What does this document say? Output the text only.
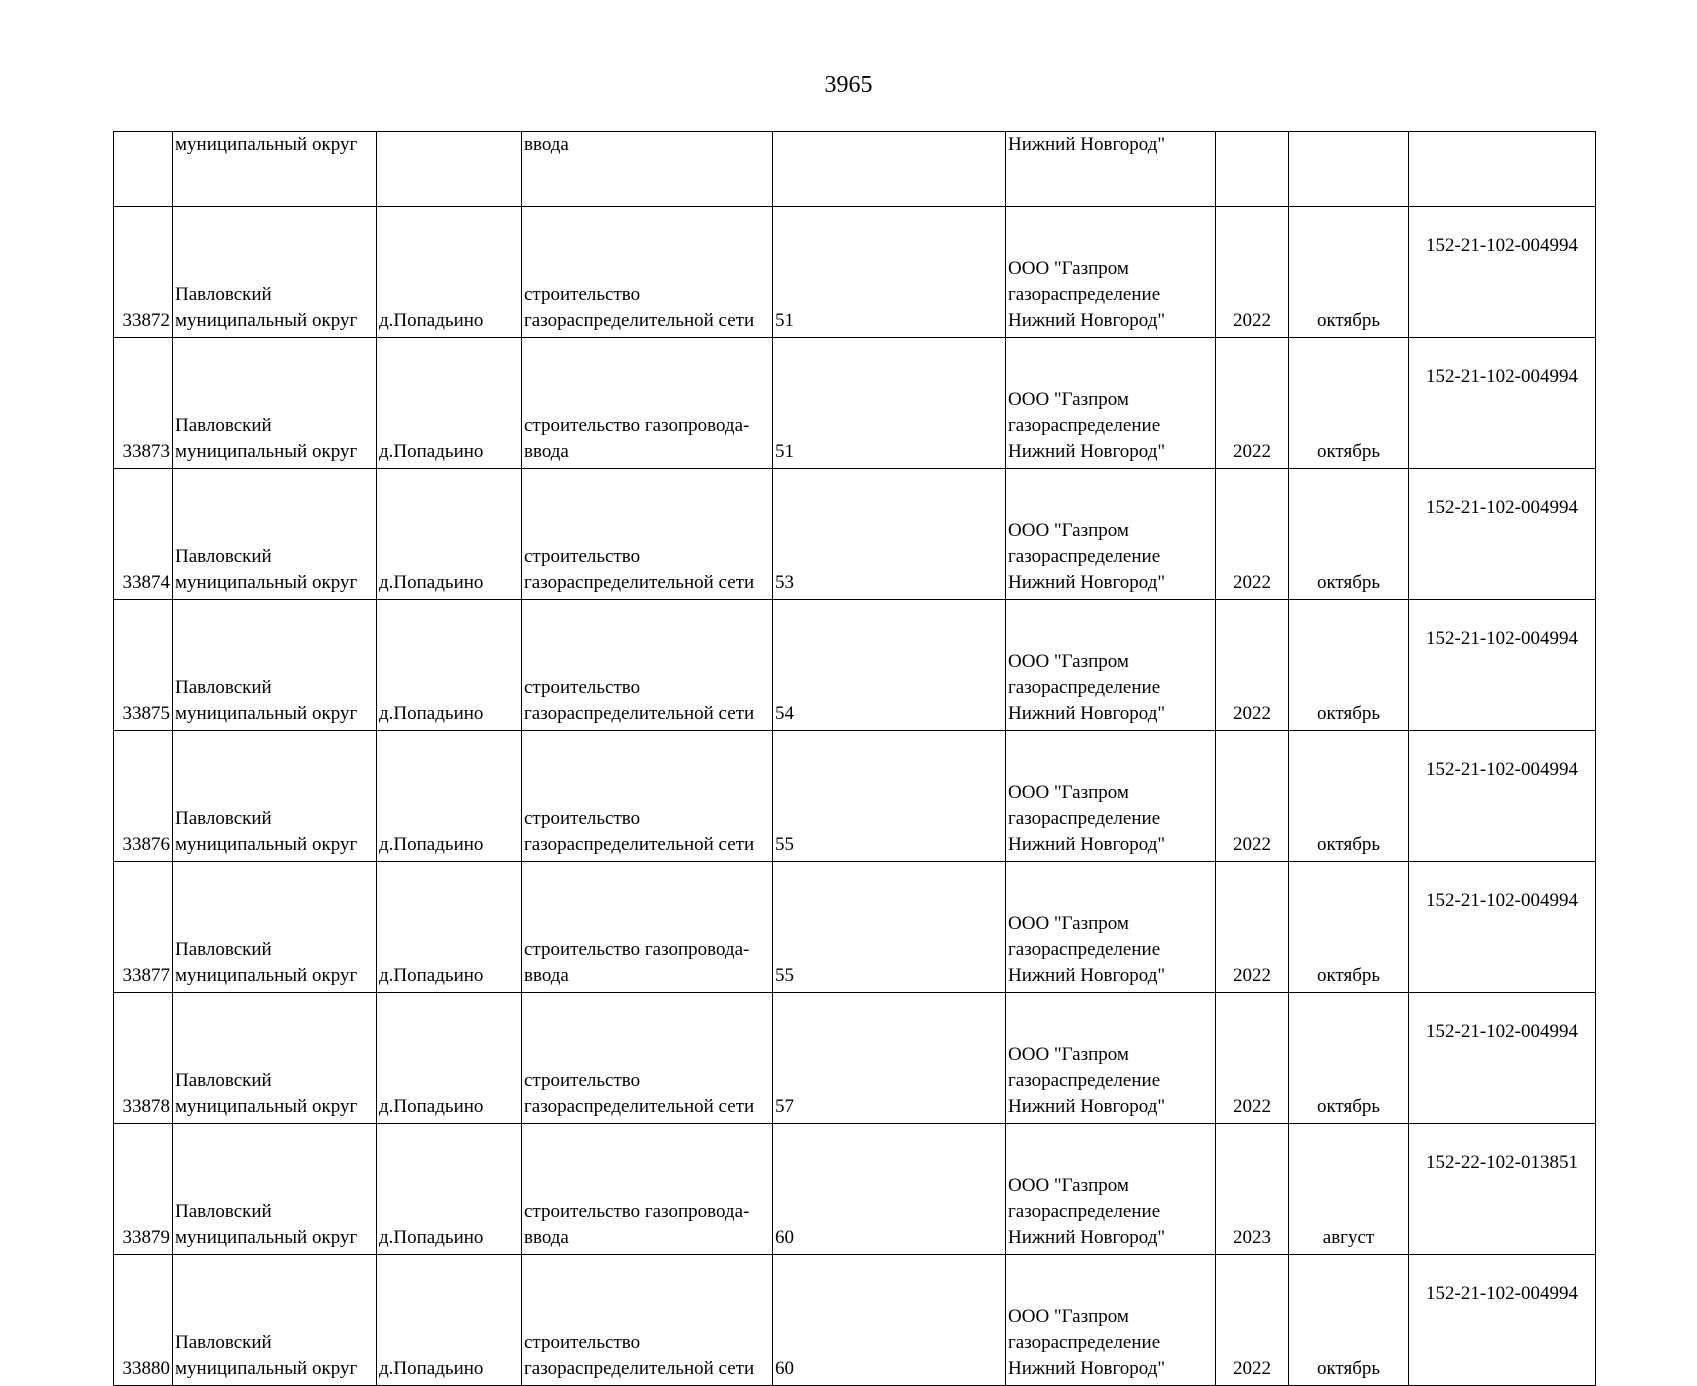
3965
	муниципальный округ		ввода		Нижний Новгород"			
33872	Павловский
муниципальный округ	д.Попадьино	строительство
газораспределительной сети	51	ООО "Газпром
газораспределение
Нижний Новгород"	2022	октябрь	152-21-102-004994
33873	Павловский
муниципальный округ	д.Попадьино	строительство газопровода-
ввода	51	ООО "Газпром
газораспределение
Нижний Новгород"	2022	октябрь	152-21-102-004994
33874	Павловский
муниципальный округ	д.Попадьино	строительство
газораспределительной сети	53	ООО "Газпром
газораспределение
Нижний Новгород"	2022	октябрь	152-21-102-004994
33875	Павловский
муниципальный округ	д.Попадьино	строительство
газораспределительной сети	54	ООО "Газпром
газораспределение
Нижний Новгород"	2022	октябрь	152-21-102-004994
33876	Павловский
муниципальный округ	д.Попадьино	строительство
газораспределительной сети	55	ООО "Газпром
газораспределение
Нижний Новгород"	2022	октябрь	152-21-102-004994
33877	Павловский
муниципальный округ	д.Попадьино	строительство газопровода-
ввода	55	ООО "Газпром
газораспределение
Нижний Новгород"	2022	октябрь	152-21-102-004994
33878	Павловский
муниципальный округ	д.Попадьино	строительство
газораспределительной сети	57	ООО "Газпром
газораспределение
Нижний Новгород"	2022	октябрь	152-21-102-004994
33879	Павловский
муниципальный округ	д.Попадьино	строительство газопровода-
ввода	60	ООО "Газпром
газораспределение
Нижний Новгород"	2023	август	152-22-102-013851
33880	Павловский
муниципальный округ	д.Попадьино	строительство
газораспределительной сети	60	ООО "Газпром
газораспределение
Нижний Новгород"	2022	октябрь	152-21-102-004994
